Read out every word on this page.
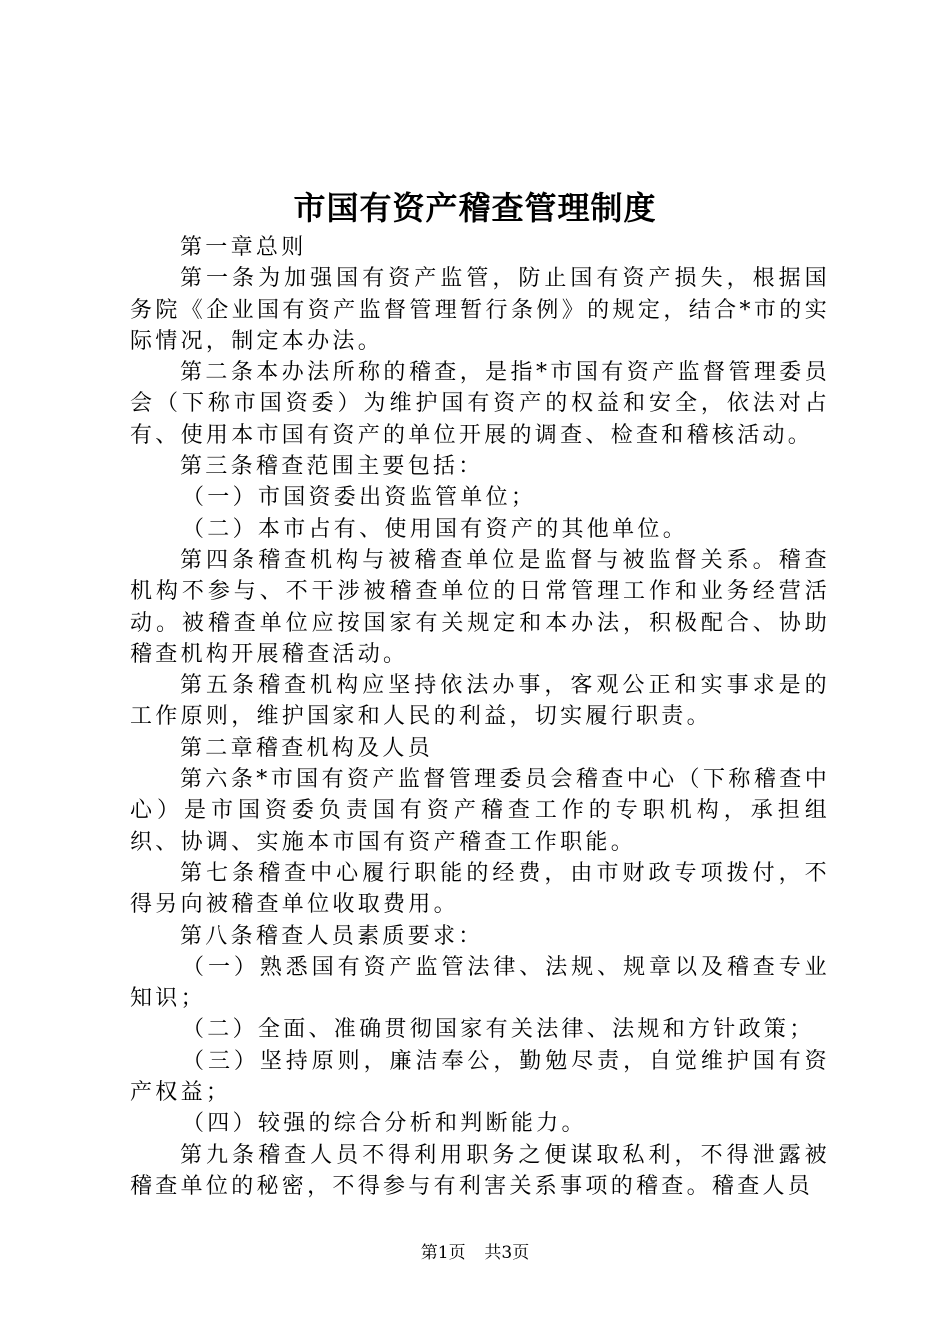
市国有资产稽查管理制度

第一章总则

第一条为加强国有资产监管，防止国有资产损失，根据国务院《企业国有资产监督管理暂行条例》的规定，结合*市的实际情况，制定本办法。

第二条本办法所称的稽查，是指*市国有资产监督管理委员会（下称市国资委）为维护国有资产的权益和安全，依法对占有、使用本市国有资产的单位开展的调查、检查和稽核活动。

第三条稽查范围主要包括：

（一）市国资委出资监管单位；

（二）本市占有、使用国有资产的其他单位。

第四条稽查机构与被稽查单位是监督与被监督关系。稽查机构不参与、不干涉被稽查单位的日常管理工作和业务经营活动。被稽查单位应按国家有关规定和本办法，积极配合、协助稽查机构开展稽查活动。

第五条稽查机构应坚持依法办事，客观公正和实事求是的工作原则，维护国家和人民的利益，切实履行职责。

第二章稽查机构及人员

第六条*市国有资产监督管理委员会稽查中心（下称稽查中心）是市国资委负责国有资产稽查工作的专职机构，承担组织、协调、实施本市国有资产稽查工作职能。

第七条稽查中心履行职能的经费，由市财政专项拨付，不得另向被稽查单位收取费用。

第八条稽查人员素质要求：

（一）熟悉国有资产监管法律、法规、规章以及稽查专业知识；

（二）全面、准确贯彻国家有关法律、法规和方针政策；

（三）坚持原则，廉洁奉公，勤勉尽责，自觉维护国有资产权益；

（四）较强的综合分析和判断能力。

第九条稽查人员不得利用职务之便谋取私利，不得泄露被稽查单位的秘密，不得参与有利害关系事项的稽查。稽查人员

第1页 共3页
